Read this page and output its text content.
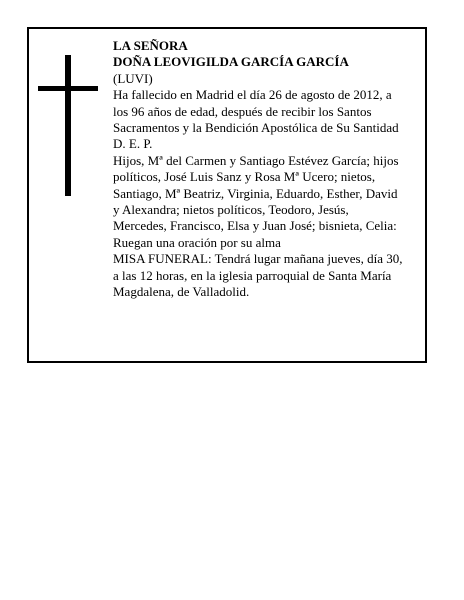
LA SEÑORA
DOÑA LEOVIGILDA GARCÍA GARCÍA
(LUVI)
Ha fallecido en Madrid el día 26 de agosto de 2012, a
los 96 años de edad, después de recibir los Santos
Sacramentos y la Bendición Apostólica de Su Santidad
D. E. P.
Hijos, Mª del Carmen y Santiago Estévez García; hijos
políticos, José Luis Sanz y Rosa Mª Ucero; nietos,
Santiago, Mª Beatriz, Virginia, Eduardo, Esther, David
y Alexandra; nietos políticos, Teodoro, Jesús,
Mercedes, Francisco, Elsa y Juan José; bisnieta, Celia:
Ruegan una oración por su alma
MISA FUNERAL: Tendrá lugar mañana jueves, día 30,
a las 12 horas, en la iglesia parroquial de Santa María
Magdalena, de Valladolid.
